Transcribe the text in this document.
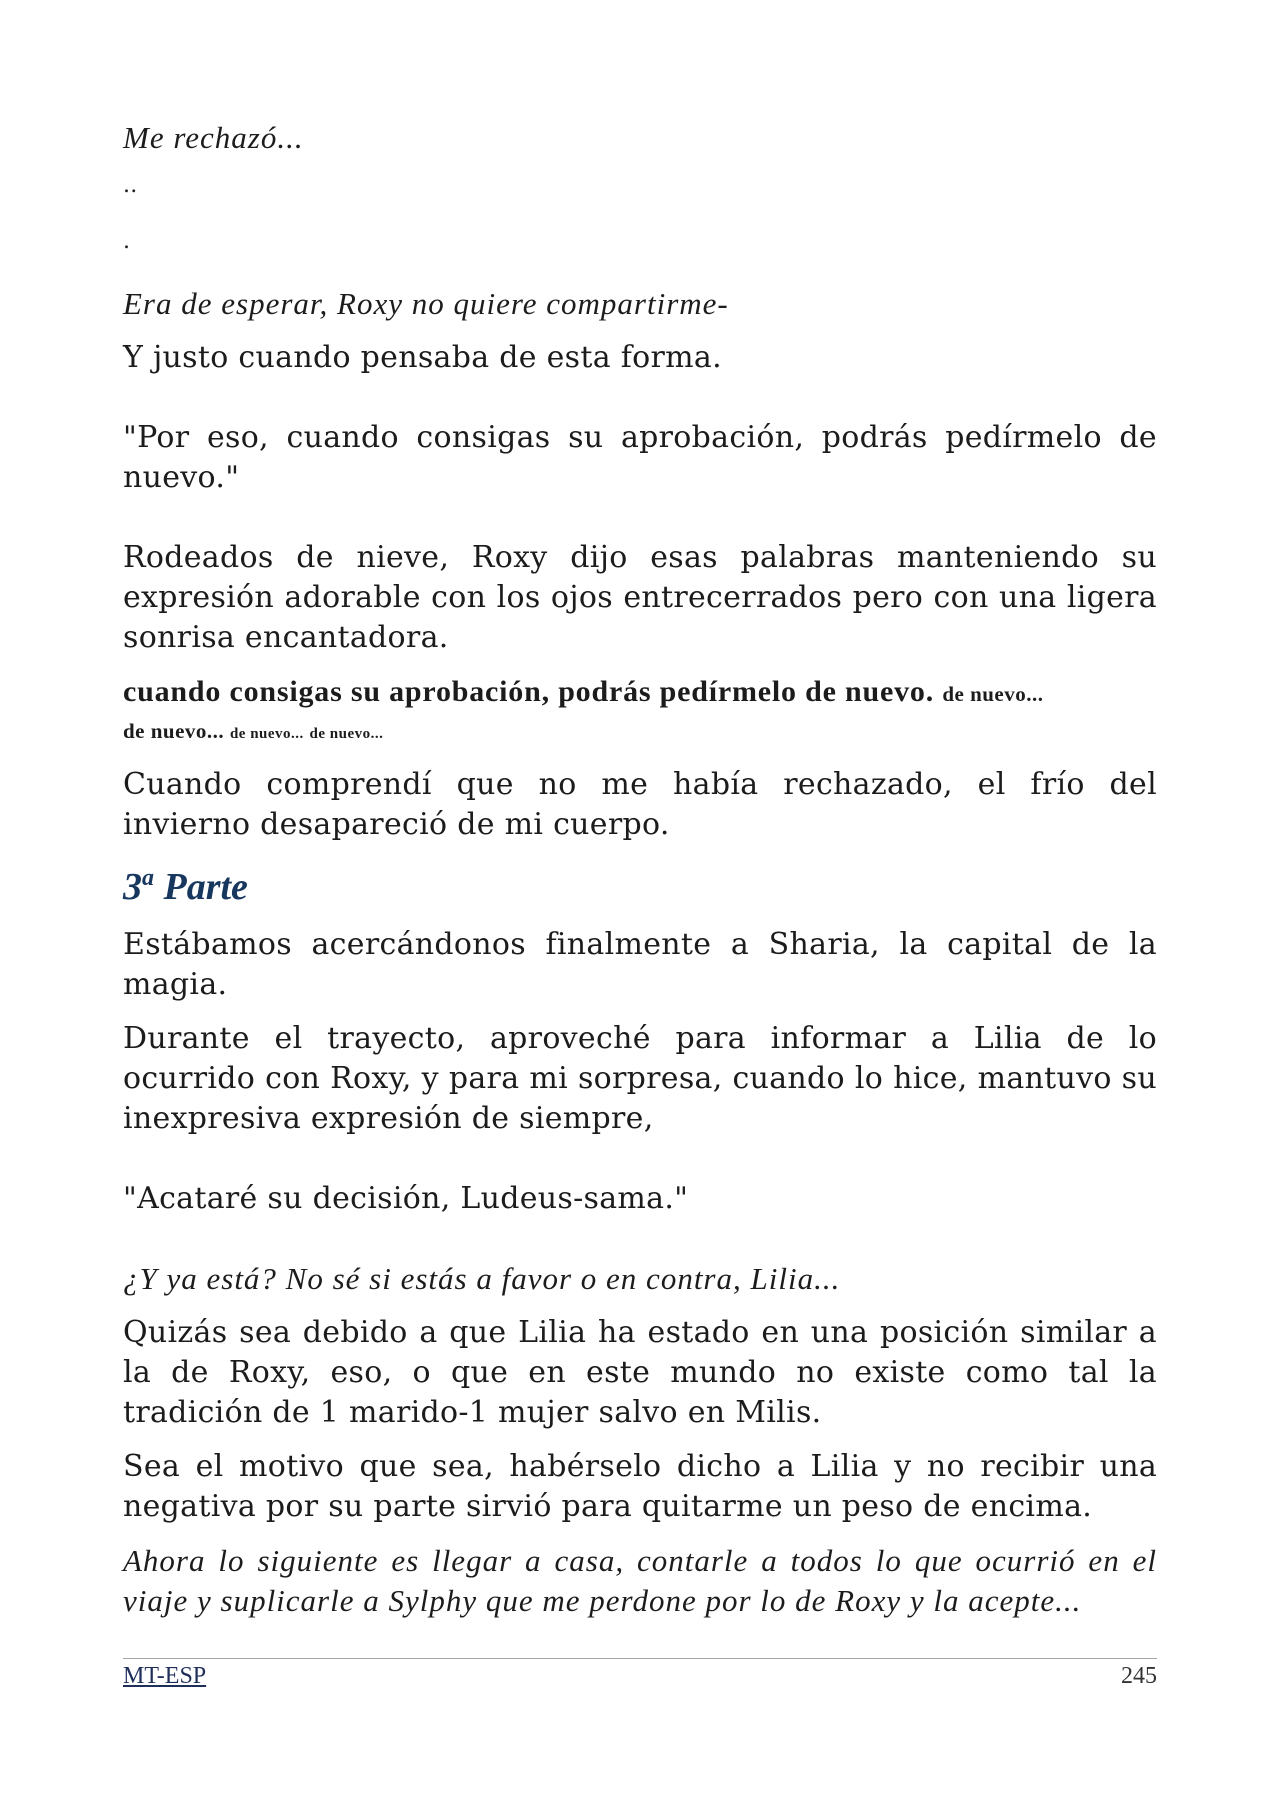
Me rechazó...

..

.

Era de esperar, Roxy no quiere compartirme-

Y justo cuando pensaba de esta forma.

"Por eso, cuando consigas su aprobación, podrás pedírmelo de nuevo."

Rodeados de nieve, Roxy dijo esas palabras manteniendo su expresión adorable con los ojos entrecerrados pero con una ligera sonrisa encantadora.

cuando consigas su aprobación, podrás pedírmelo de nuevo. de nuevo...

de nuevo... de nuevo... de nuevo...

Cuando comprendí que no me había rechazado, el frío del invierno desapareció de mi cuerpo.

3$^a$ Parte

Estábamos acercándonos finalmente a Sharia, la capital de la magia.

Durante el trayecto, aproveché para informar a Lilia de lo ocurrido con Roxy, y para mi sorpresa, cuando lo hice, mantuvo su inexpresiva expresión de siempre,

"Acataré su decisión, Ludeus-sama."

¿Y ya está? No sé si estás a favor o en contra, Lilia...

Quizás sea debido a que Lilia ha estado en una posición similar a la de Roxy, eso, o que en este mundo no existe como tal la tradición de 1 marido-1 mujer salvo en Milis.

Sea el motivo que sea, habérselo dicho a Lilia y no recibir una negativa por su parte sirvió para quitarme un peso de encima.

Ahora lo siguiente es llegar a casa, contarle a todos lo que ocurrió en el viaje y suplicarle a Sylphy que me perdone por lo de Roxy y la acepte...

MT-ESP	245
